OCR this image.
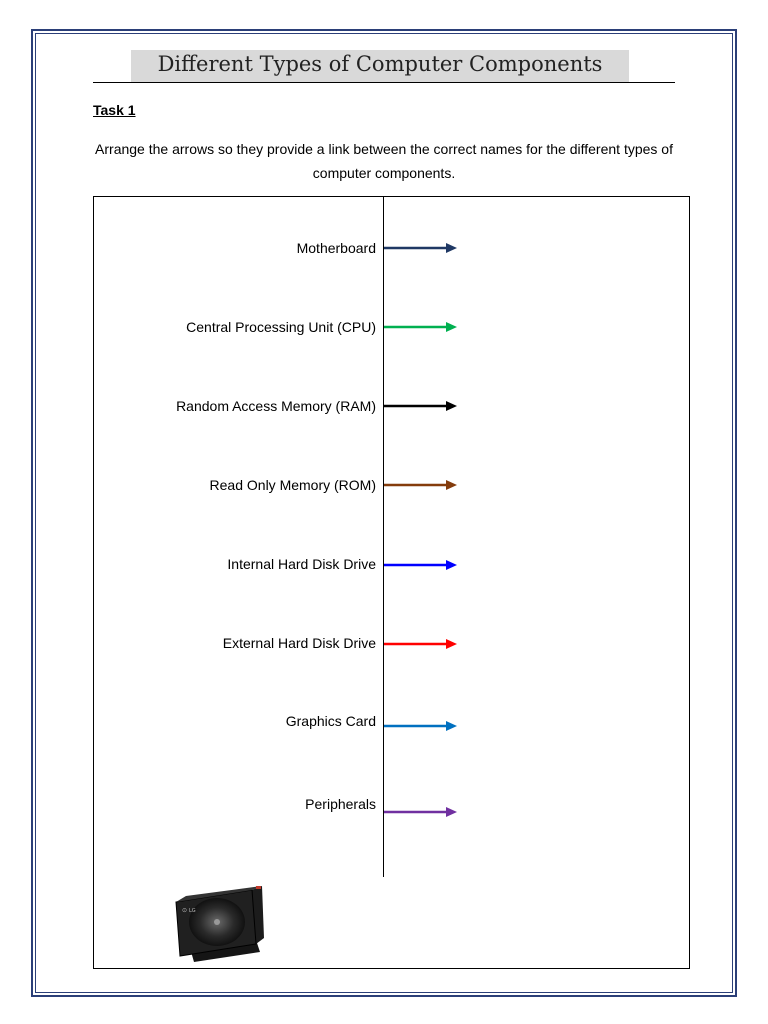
Different Types of Computer Components
Task 1
Arrange the arrows so they provide a link between the correct names for the different types of computer components.
Motherboard
Central Processing Unit (CPU)
Random Access Memory (RAM)
Read Only Memory (ROM)
Internal Hard Disk Drive
External Hard Disk Drive
Graphics Card
Peripherals
⊙ LG
